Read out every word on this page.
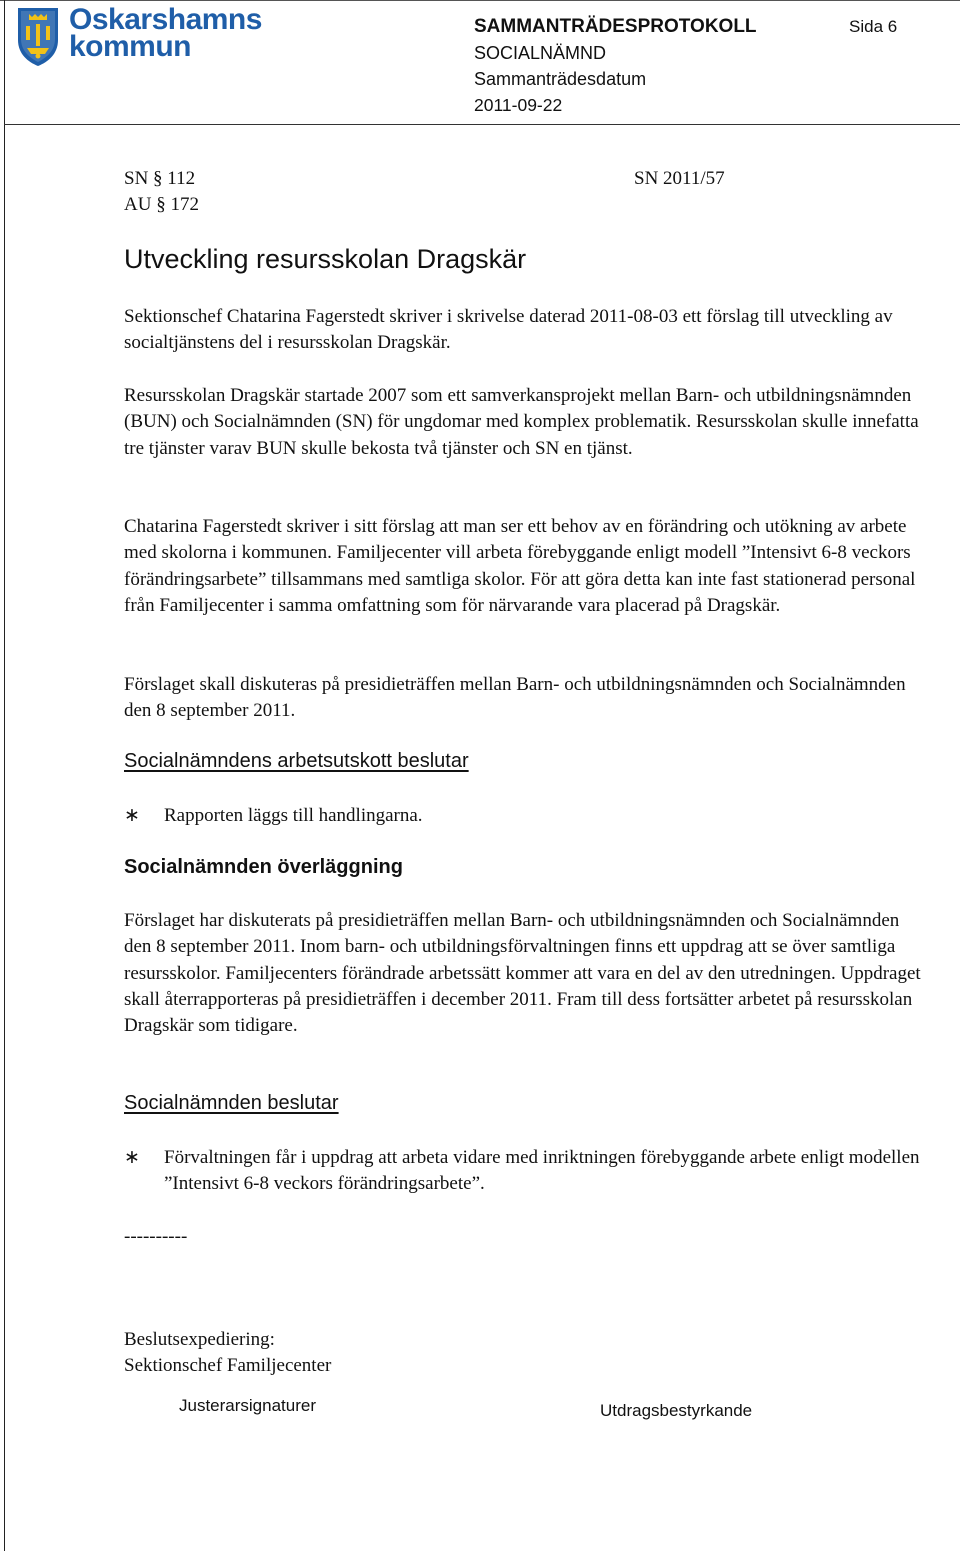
Oskarshamns
kommun
SAMMANTRÄDESPROTOKOLL
SOCIALNÄMND
Sammanträdesdatum
2011-09-22
Sida 6
SN § 112
AU § 172
SN 2011/57
Utveckling resursskolan Dragskär

Sektionschef Chatarina Fagerstedt skriver i skrivelse daterad 2011-08-03 ett förslag till utveckling av socialtjänstens del i resursskolan Dragskär.

Resursskolan Dragskär startade 2007 som ett samverkansprojekt mellan Barn- och utbildningsnämnden (BUN) och Socialnämnden (SN) för ungdomar med komplex problematik. Resursskolan skulle innefatta tre tjänster varav BUN skulle bekosta två tjänster och SN en tjänst.

Chatarina Fagerstedt skriver i sitt förslag att man ser ett behov av en förändring och utökning av arbete med skolorna i kommunen. Familjecenter vill arbeta förebyggande enligt modell ”Intensivt 6-8 veckors förändringsarbete” tillsammans med samtliga skolor. För att göra detta kan inte fast stationerad personal från Familjecenter i samma omfattning som för närvarande vara placerad på Dragskär.

Förslaget skall diskuteras på presidieträffen mellan Barn- och utbildningsnämnden och Socialnämnden den 8 september 2011.

Socialnämndens arbetsutskott beslutar
∗	Rapporten läggs till handlingarna.
Socialnämnden överläggning

Förslaget har diskuterats på presidieträffen mellan Barn- och utbildningsnämnden och Socialnämnden den 8 september 2011. Inom barn- och utbildningsförvaltningen finns ett uppdrag att se över samtliga resursskolor. Familjecenters förändrade arbetssätt kommer att vara en del av den utredningen. Uppdraget skall återrapporteras på presidieträffen i december 2011. Fram till dess fortsätter arbetet på resursskolan Dragskär som tidigare.

Socialnämnden beslutar
∗	Förvaltningen får i uppdrag att arbeta vidare med inriktningen förebyggande arbete enligt modellen ”Intensivt 6-8 veckors förändringsarbete”.
----------
Beslutsexpediering:
Sektionschef Familjecenter
Justerarsignaturer	Utdragsbestyrkande
